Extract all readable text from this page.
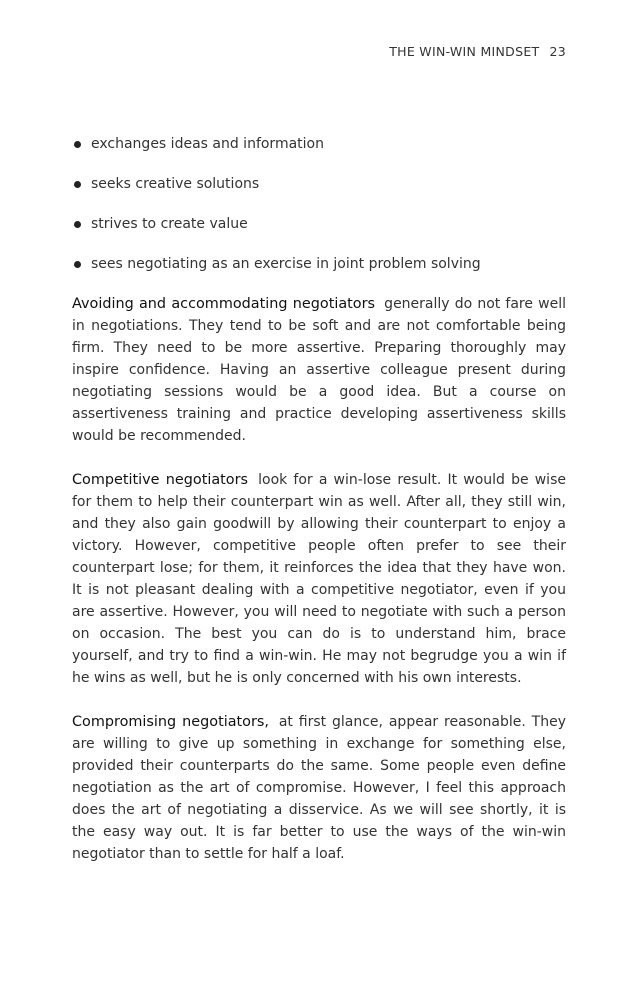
THE WIN-WIN MINDSET 23
exchanges ideas and information
seeks creative solutions
strives to create value
sees negotiating as an exercise in joint problem solving

Avoiding and accommodating negotiators generally do not fare well in negotiations. They tend to be soft and are not comfortable being firm. They need to be more assertive. Preparing thoroughly may inspire confidence. Having an assertive colleague present during negotiating sessions would be a good idea. But a course on assertiveness training and practice developing assertiveness skills would be recommended.

Competitive negotiators look for a win-lose result. It would be wise for them to help their counterpart win as well. After all, they still win, and they also gain goodwill by allowing their counterpart to enjoy a victory. However, competitive people often prefer to see their counterpart lose; for them, it reinforces the idea that they have won. It is not pleasant dealing with a competitive negotiator, even if you are assertive. However, you will need to negotiate with such a person on occasion. The best you can do is to understand him, brace yourself, and try to find a win-win. He may not begrudge you a win if he wins as well, but he is only concerned with his own interests.

Compromising negotiators, at first glance, appear reasonable. They are willing to give up something in exchange for something else, provided their counterparts do the same. Some people even define negotiation as the art of compromise. However, I feel this approach does the art of negotiating a disservice. As we will see shortly, it is the easy way out. It is far better to use the ways of the win-win negotiator than to settle for half a loaf.
